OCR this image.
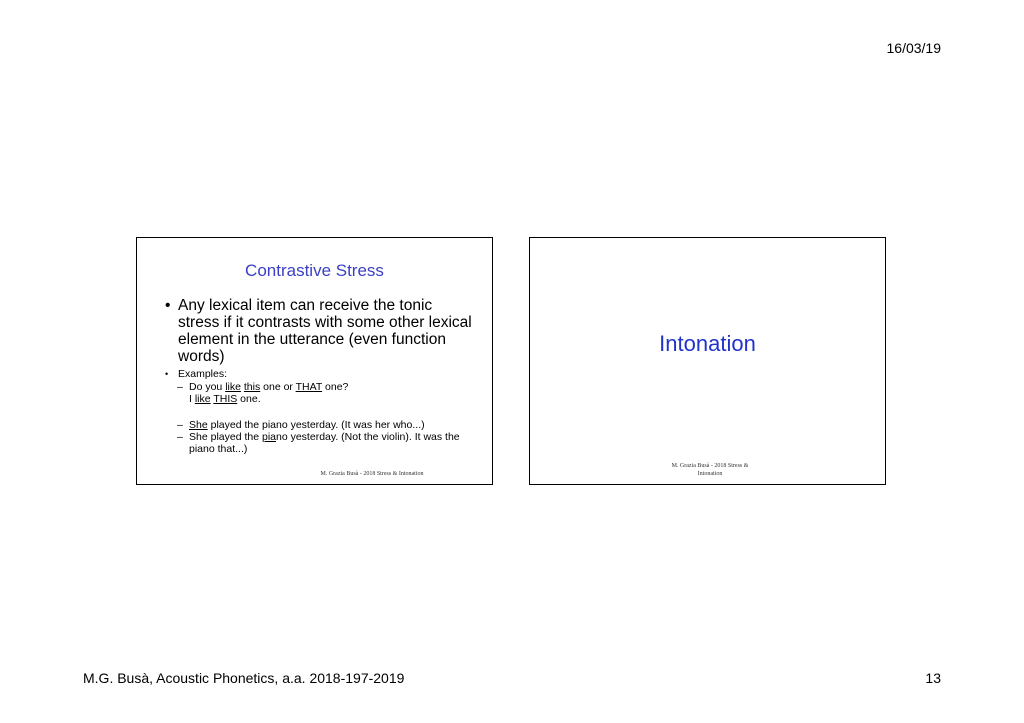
16/03/19
Contrastive Stress
• Any lexical item can receive the tonic stress if it contrasts with some other lexical element in the utterance (even function words)
• Examples:
– Do you like this one or THAT one?
I like THIS one.
– She played the piano yesterday. (It was her who...)
– She played the piano yesterday. (Not the violin). It was the piano that...)
M. Grazia Busà - 2018 Stress & Intonation
Intonation
M. Grazia Busà - 2018 Stress &
Intonation
M.G. Busà, Acoustic Phonetics, a.a. 2018-197-2019	13
